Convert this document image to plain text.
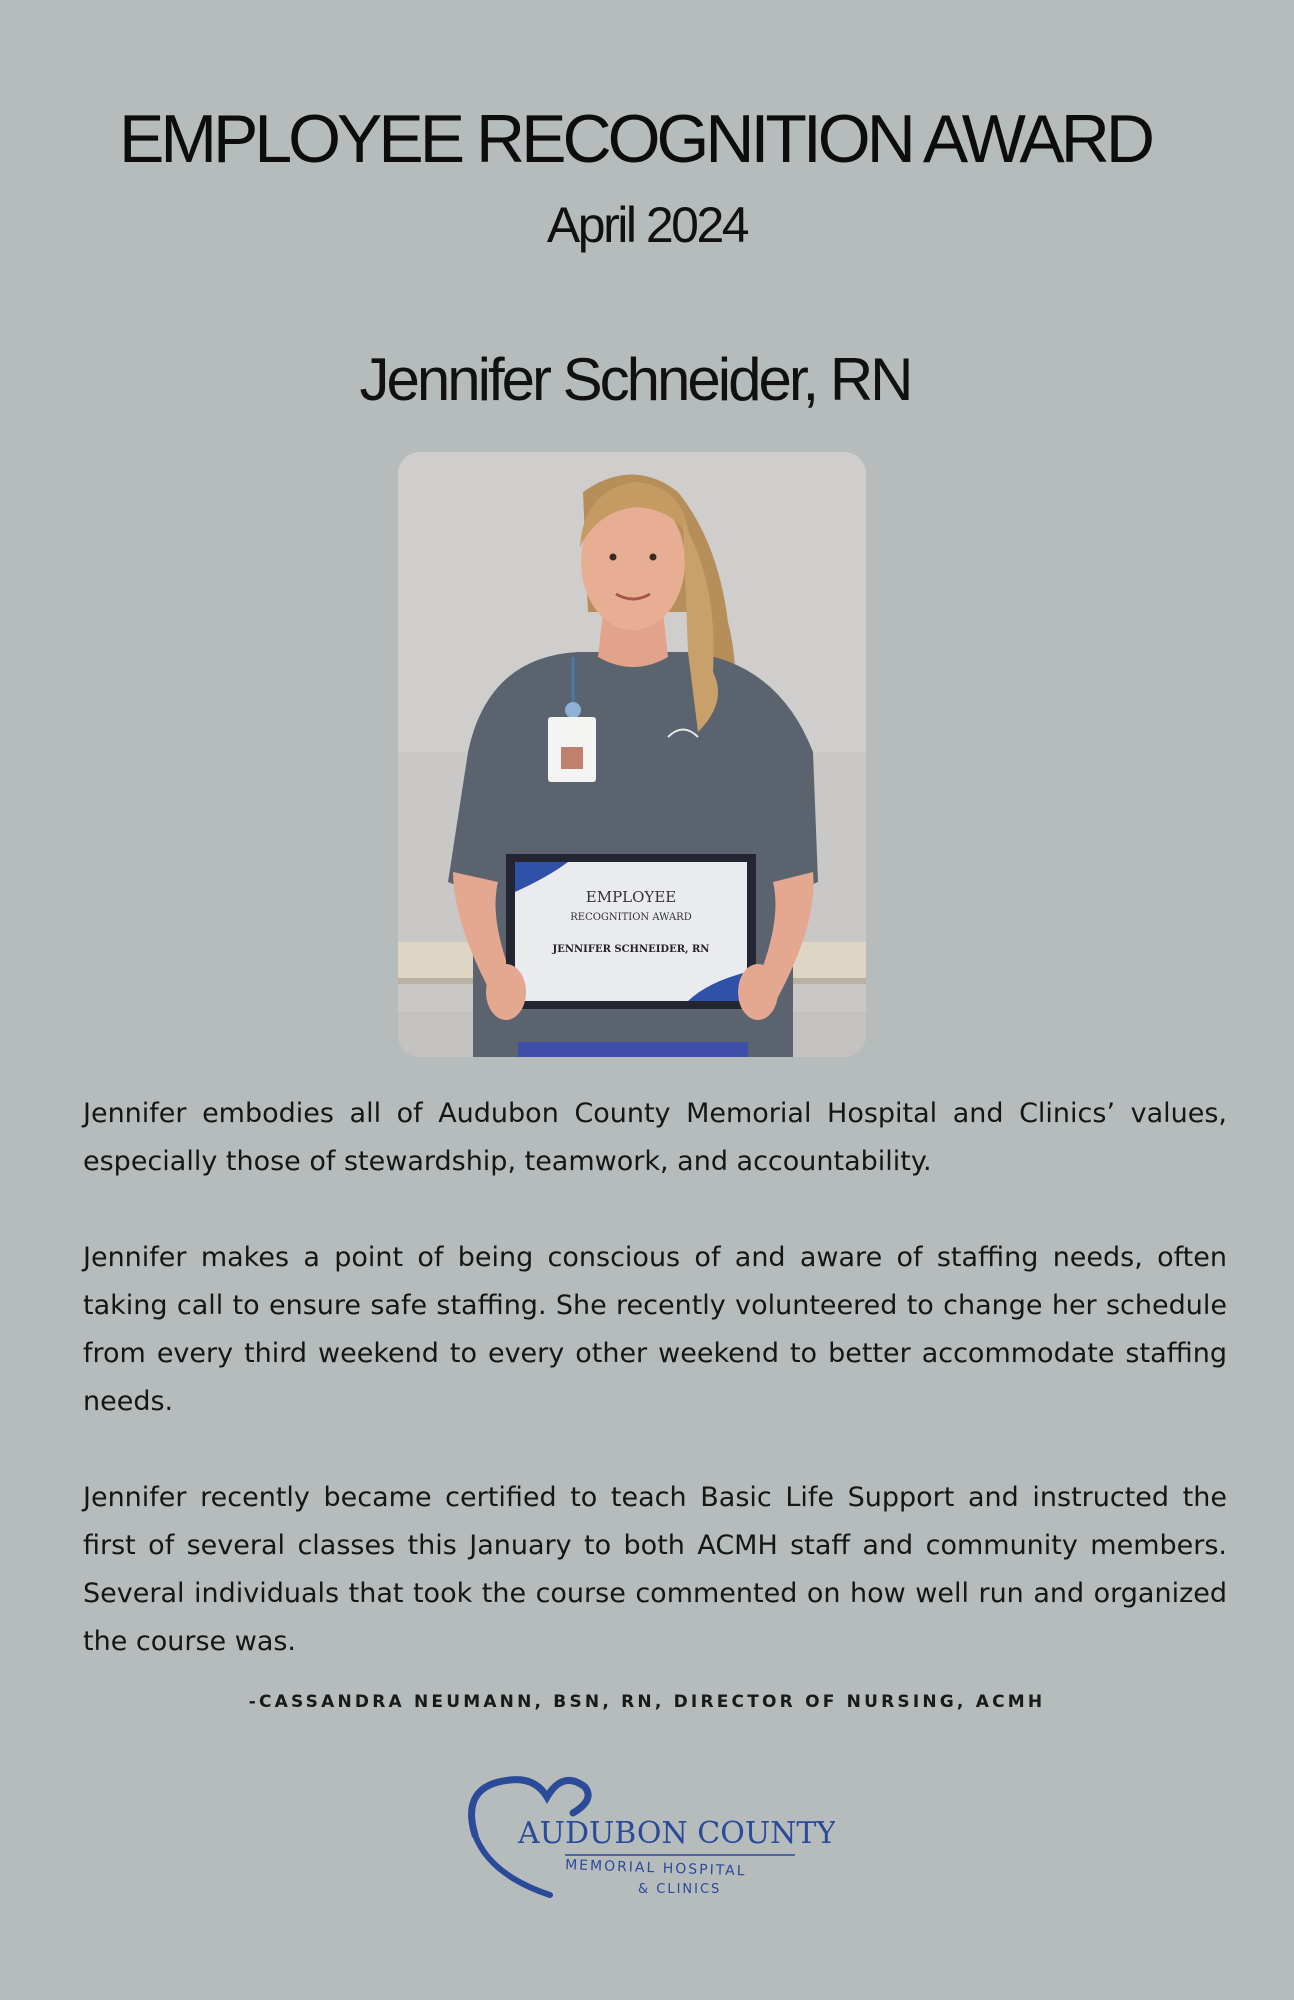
EMPLOYEE RECOGNITION AWARD
April 2024
Jennifer Schneider, RN
EMPLOYEE
RECOGNITION AWARD
JENNIFER SCHNEIDER, RN

Jennifer embodies all of Audubon County Memorial Hospital and Clinics’ values, especially those of stewardship, teamwork, and accountability.

Jennifer makes a point of being conscious of and aware of staffing needs, often taking call to ensure safe staffing. She recently volunteered to change her schedule from every third weekend to every other weekend to better accommodate staffing needs.

Jennifer recently became certified to teach Basic Life Support and instructed the first of several classes this January to both ACMH staff and community members. Several individuals that took the course commented on how well run and organized the course was.

-CASSANDRA NEUMANN, BSN, RN, DIRECTOR OF NURSING, ACMH
AUDUBON COUNTY
MEMORIAL HOSPITAL
& CLINICS
